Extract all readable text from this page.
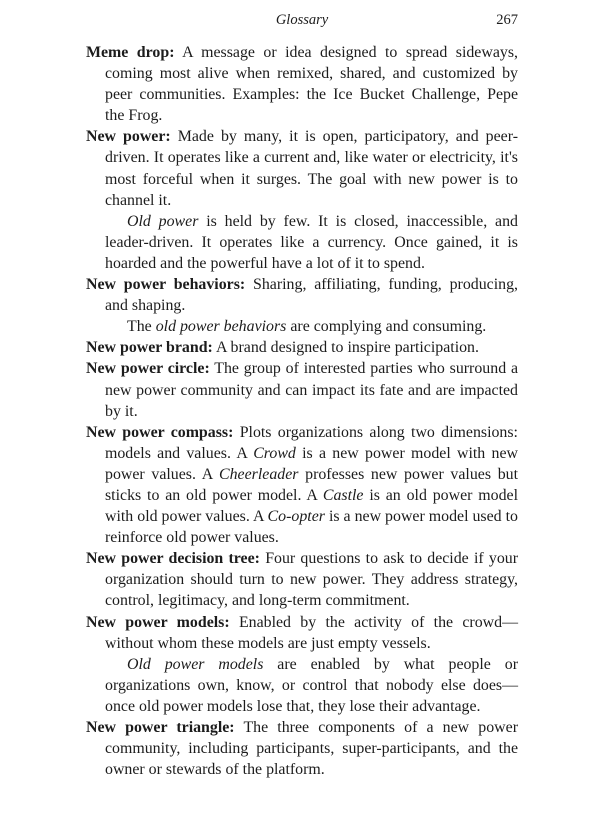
Glossary	267

Meme drop: A message or idea designed to spread sideways, coming most alive when remixed, shared, and customized by peer communities. Examples: the Ice Bucket Challenge, Pepe the Frog.

New power: Made by many, it is open, participatory, and peer-driven. It operates like a current and, like water or electricity, it's most forceful when it surges. The goal with new power is to channel it.

Old power is held by few. It is closed, inaccessible, and leader-driven. It operates like a currency. Once gained, it is hoarded and the powerful have a lot of it to spend.

New power behaviors: Sharing, affiliating, funding, producing, and shaping.

The old power behaviors are complying and consuming.

New power brand: A brand designed to inspire participation.

New power circle: The group of interested parties who surround a new power community and can impact its fate and are impacted by it.

New power compass: Plots organizations along two dimensions: models and values. A Crowd is a new power model with new power values. A Cheerleader professes new power values but sticks to an old power model. A Castle is an old power model with old power values. A Co-opter is a new power model used to reinforce old power values.

New power decision tree: Four questions to ask to decide if your organization should turn to new power. They address strategy, control, legitimacy, and long-term commitment.

New power models: Enabled by the activity of the crowd—without whom these models are just empty vessels.

Old power models are enabled by what people or organizations own, know, or control that nobody else does—once old power models lose that, they lose their advantage.

New power triangle: The three components of a new power community, including participants, super-participants, and the owner or stewards of the platform.
